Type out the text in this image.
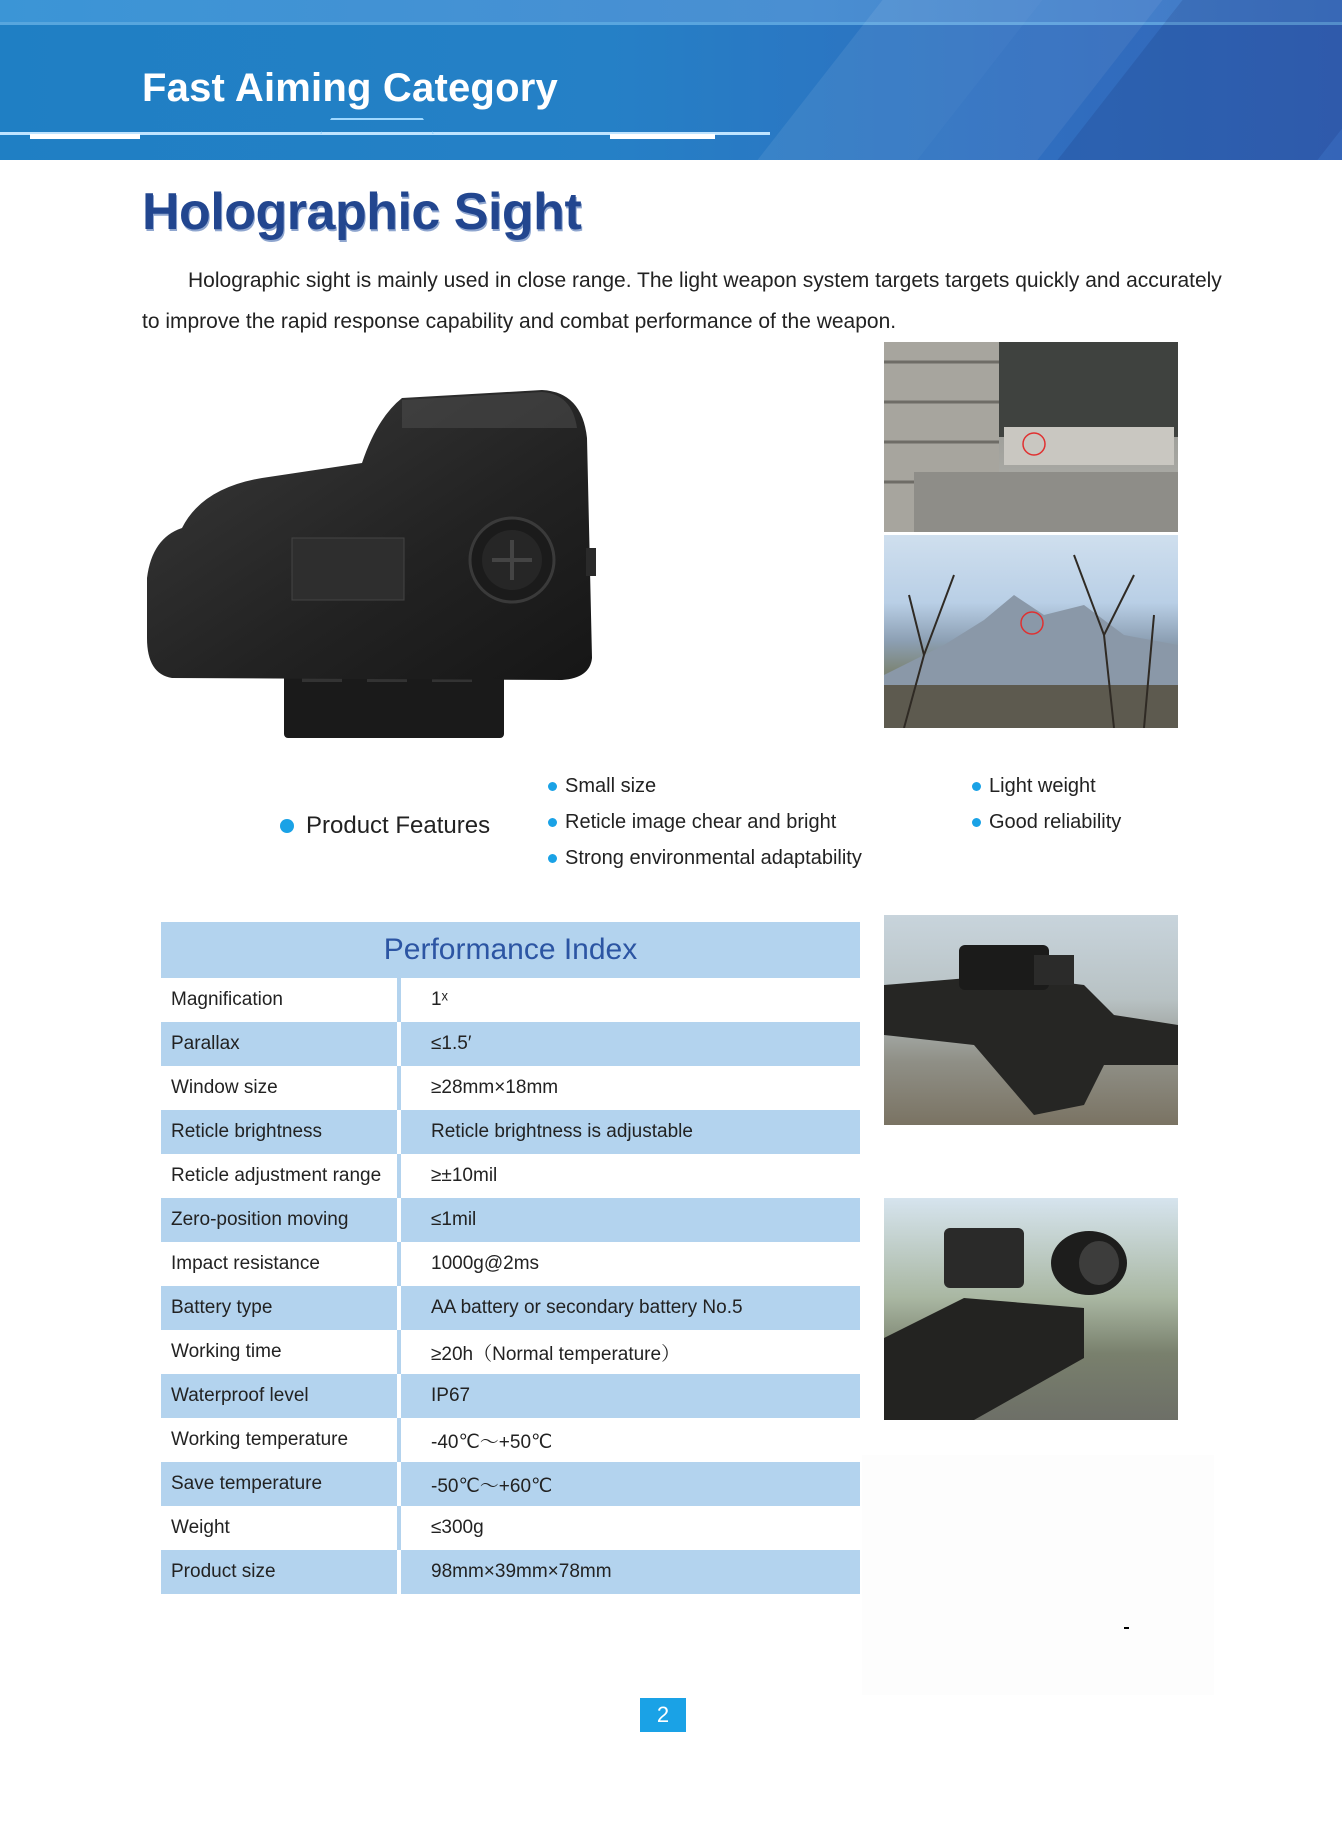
Fast Aiming Category
Holographic Sight

Holographic sight is mainly used in close range. The light weapon system targets targets quickly and accurately to improve the rapid response capability and combat performance of the weapon.

Product Features
Small size
Reticle image chear and bright
Strong environmental adaptability
Light weight
Good reliability
Performance Index
Magnification	1ˣ
Parallax	≤1.5′
Window size	≥28mm×18mm
Reticle brightness	Reticle brightness is adjustable
Reticle adjustment range	≥±10mil
Zero-position moving	≤1mil
Impact resistance	1000g@2ms
Battery type	AA battery or secondary battery No.5
Working time	≥20h（Normal temperature）
Waterproof level	IP67
Working temperature	-40℃～+50℃
Save temperature	-50℃～+60℃
Weight	≤300g
Product size	98mm×39mm×78mm
2
